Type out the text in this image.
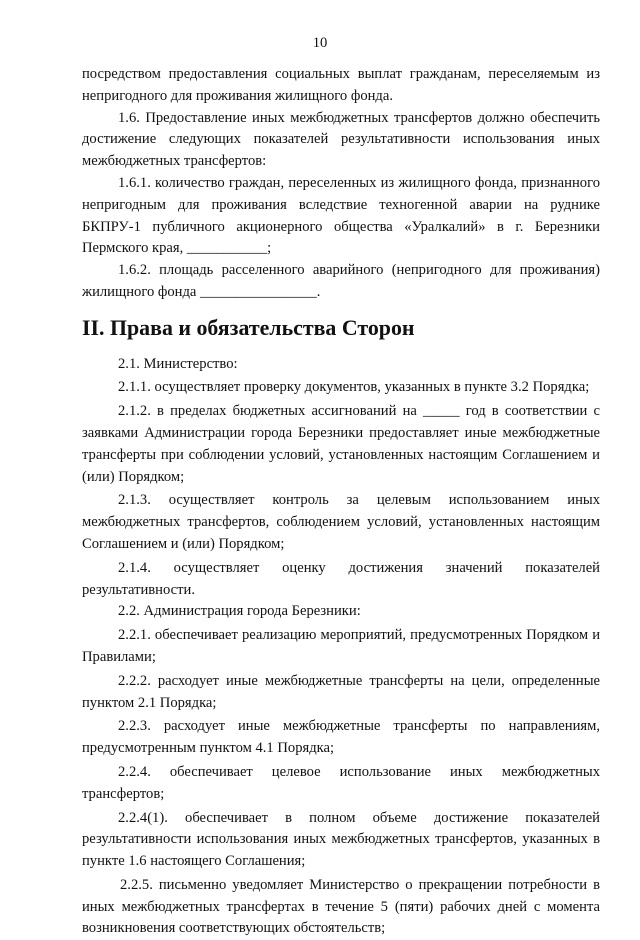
10

посредством предоставления социальных выплат гражданам, переселяемым из непригодного для проживания жилищного фонда.

1.6. Предоставление иных межбюджетных трансфертов должно обеспечить достижение следующих показателей результативности использования иных межбюджетных трансфертов:

1.6.1. количество граждан, переселенных из жилищного фонда, признанного непригодным для проживания вследствие техногенной аварии на руднике БКПРУ-1 публичного акционерного общества «Уралкалий» в г. Березники Пермского края, ___________;

1.6.2. площадь расселенного аварийного (непригодного для проживания) жилищного фонда ________________.

II. Права и обязательства Сторон

2.1. Министерство:

2.1.1. осуществляет проверку документов, указанных в пункте 3.2 Порядка;

2.1.2. в пределах бюджетных ассигнований на _____ год в соответствии с заявками Администрации города Березники предоставляет иные межбюджетные трансферты при соблюдении условий, установленных настоящим Соглашением и (или) Порядком;

2.1.3. осуществляет контроль за целевым использованием иных межбюджетных трансфертов, соблюдением условий, установленных настоящим Соглашением и (или) Порядком;

2.1.4. осуществляет оценку достижения значений показателей результативности.

2.2. Администрация города Березники:

2.2.1. обеспечивает реализацию мероприятий, предусмотренных Порядком и Правилами;

2.2.2. расходует иные межбюджетные трансферты на цели, определенные пунктом 2.1 Порядка;

2.2.3. расходует иные межбюджетные трансферты по направлениям, предусмотренным пунктом 4.1 Порядка;

2.2.4. обеспечивает целевое использование иных межбюджетных трансфертов;

2.2.4(1). обеспечивает в полном объеме достижение показателей результативности использования иных межбюджетных трансфертов, указанных в пункте 1.6 настоящего Соглашения;

2.2.5. письменно уведомляет Министерство о прекращении потребности в иных межбюджетных трансфертах в течение 5 (пяти) рабочих дней с момента возникновения соответствующих обстоятельств;
